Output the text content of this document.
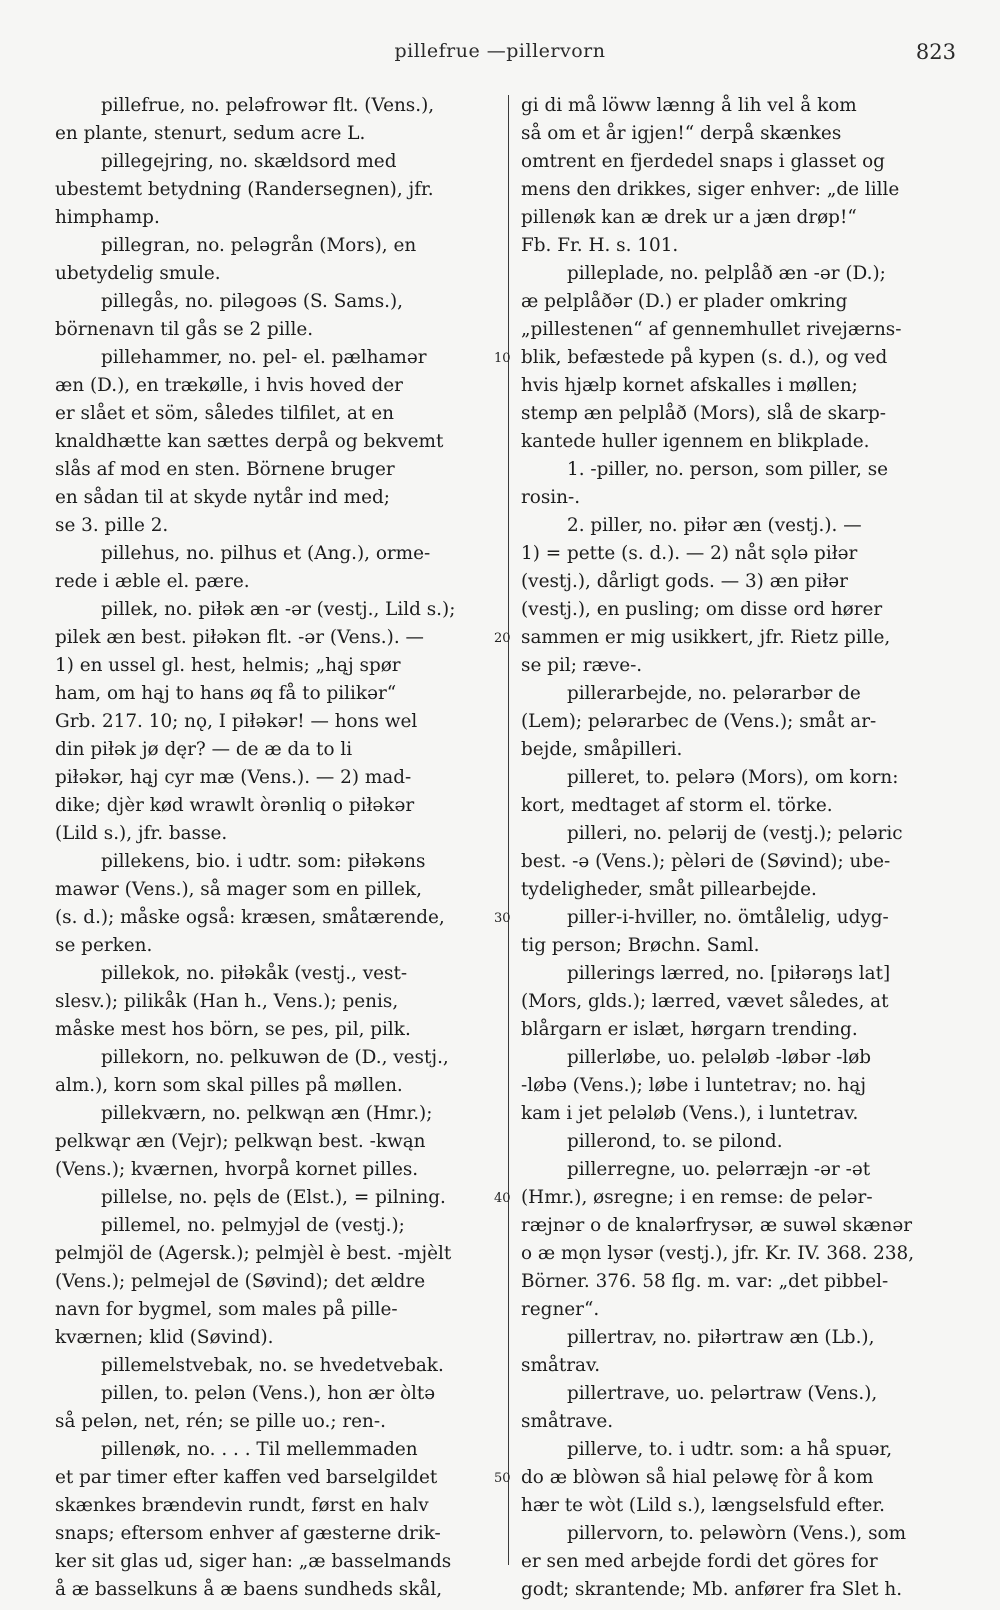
pillefrue —pillervorn	823
pillefrue, no. peləfrowər flt. (Vens.),
en plante, stenurt, sedum acre L.
pillegejring, no. skældsord med
ubestemt betydning (Randersegnen), jfr.
himphamp.
pillegran, no. peləgrån (Mors), en
ubetydelig smule.
pillegås, no. piləgoəs (S. Sams.),
börnenavn til gås se 2 pille.
pillehammer, no. pel- el. pælhamər
æn (D.), en trækølle, i hvis hoved der
er slået et söm, således tilfilet, at en
knaldhætte kan sættes derpå og bekvemt
slås af mod en sten. Börnene bruger
en sådan til at skyde nytår ind med;
se 3. pille 2.
pillehus, no. pilhus et (Ang.), orme-
rede i æble el. pære.
pillek, no. piłək æn -ər (vestj., Lild s.);
pilek æn best. piłəkən flt. -ər (Vens.). —
1) en ussel gl. hest, helmis; „hąj spør
ham, om hąj to hans øq få to pilikər“
Grb. 217. 10; nǫ, I piłəkər! — hons wel
din piłək jø dęr? — de æ da to li
piłəkər, hąj cyr mæ (Vens.). — 2) mad-
dike; djèr kød wrawlt òrənliq o piłəkər
(Lild s.), jfr. basse.
pillekens, bio. i udtr. som: piłəkəns
mawər (Vens.), så mager som en pillek,
(s. d.); måske også: kræsen, småtærende,
se perken.
pillekok, no. piłəkåk (vestj., vest-
slesv.); pilikåk (Han h., Vens.); penis,
måske mest hos börn, se pes, pil, pilk.
pillekorn, no. pelkuwən de (D., vestj.,
alm.), korn som skal pilles på møllen.
pillekværn, no. pelkwąn æn (Hmr.);
pelkwąr æn (Vejr); pelkwąn best. -kwąn
(Vens.); kværnen, hvorpå kornet pilles.
pillelse, no. pęls de (Elst.), = pilning.
pillemel, no. pelmyjəl de (vestj.);
pelmjöl de (Agersk.); pelmjèl è best. -mjèlt
(Vens.); pelmejəl de (Søvind); det ældre
navn for bygmel, som males på pille-
kværnen; klid (Søvind).
pillemelstvebak, no. se hvedetvebak.
pillen, to. pelən (Vens.), hon ær òltə
så pelən, net, rén; se pille uo.; ren-.
pillenøk, no. . . . Til mellemmaden
et par timer efter kaffen ved barselgildet
skænkes brændevin rundt, først en halv
snaps; eftersom enhver af gæsterne drik-
ker sit glas ud, siger han: „æ basselmands
å æ basselkuns å æ baens sundheds skål,
gi di må löww lænng å lih vel å kom
så om et år igjen!“ derpå skænkes
omtrent en fjerdedel snaps i glasset og
mens den drikkes, siger enhver: „de lille
pillenøk kan æ drek ur a jæn drøp!“
Fb. Fr. H. s. 101.
pilleplade, no. pelplåð æn -ər (D.);
æ pelplåðər (D.) er plader omkring
„pillestenen“ af gennemhullet rivejærns-
blik, befæstede på kypen (s. d.), og ved
hvis hjælp kornet afskalles i møllen;
stemp æn pelplåð (Mors), slå de skarp-
kantede huller igennem en blikplade.
1. -piller, no. person, som piller, se
rosin-.
2. piller, no. piłər æn (vestj.). —
1) = pette (s. d.). — 2) nåt sǫlə piłər
(vestj.), dårligt gods. — 3) æn piłər
(vestj.), en pusling; om disse ord hører
sammen er mig usikkert, jfr. Rietz pille,
se pil; ræve-.
pillerarbejde, no. pelərarbər de
(Lem); pelərarbec de (Vens.); småt ar-
bejde, småpilleri.
pilleret, to. pelərə (Mors), om korn:
kort, medtaget af storm el. törke.
pilleri, no. pelərij de (vestj.); peləric
best. -ə (Vens.); pèləri de (Søvind); ube-
tydeligheder, småt pillearbejde.
piller-i-hviller, no. ömtålelig, udyg-
tig person; Brøchn. Saml.
pillerings lærred, no. [piłərəŋs lat]
(Mors, glds.); lærred, vævet således, at
blårgarn er islæt, hørgarn trending.
pillerløbe, uo. peləløb -løbər -løb
-løbə (Vens.); løbe i luntetrav; no. hąj
kam i jet peləløb (Vens.), i luntetrav.
pillerond, to. se pilond.
pillerregne, uo. pelərræjn -ər -ət
(Hmr.), øsregne; i en remse: de pelər-
ræjnər o de knalərfrysər, æ suwəl skænər
o æ mǫn lysər (vestj.), jfr. Kr. IV. 368. 238,
Börner. 376. 58 flg. m. var: „det pibbel-
regner“.
pillertrav, no. piłərtraw æn (Lb.),
småtrav.
pillertrave, uo. pelərtraw (Vens.),
småtrave.
pillerve, to. i udtr. som: a hå spuər,
do æ blòwən så hial peləwę fòr å kom
hær te wòt (Lild s.), længselsfuld efter.
pillervorn, to. peləwòrn (Vens.), som
er sen med arbejde fordi det göres for
godt; skrantende; Mb. anfører fra Slet h.
10
20
30
40
50
